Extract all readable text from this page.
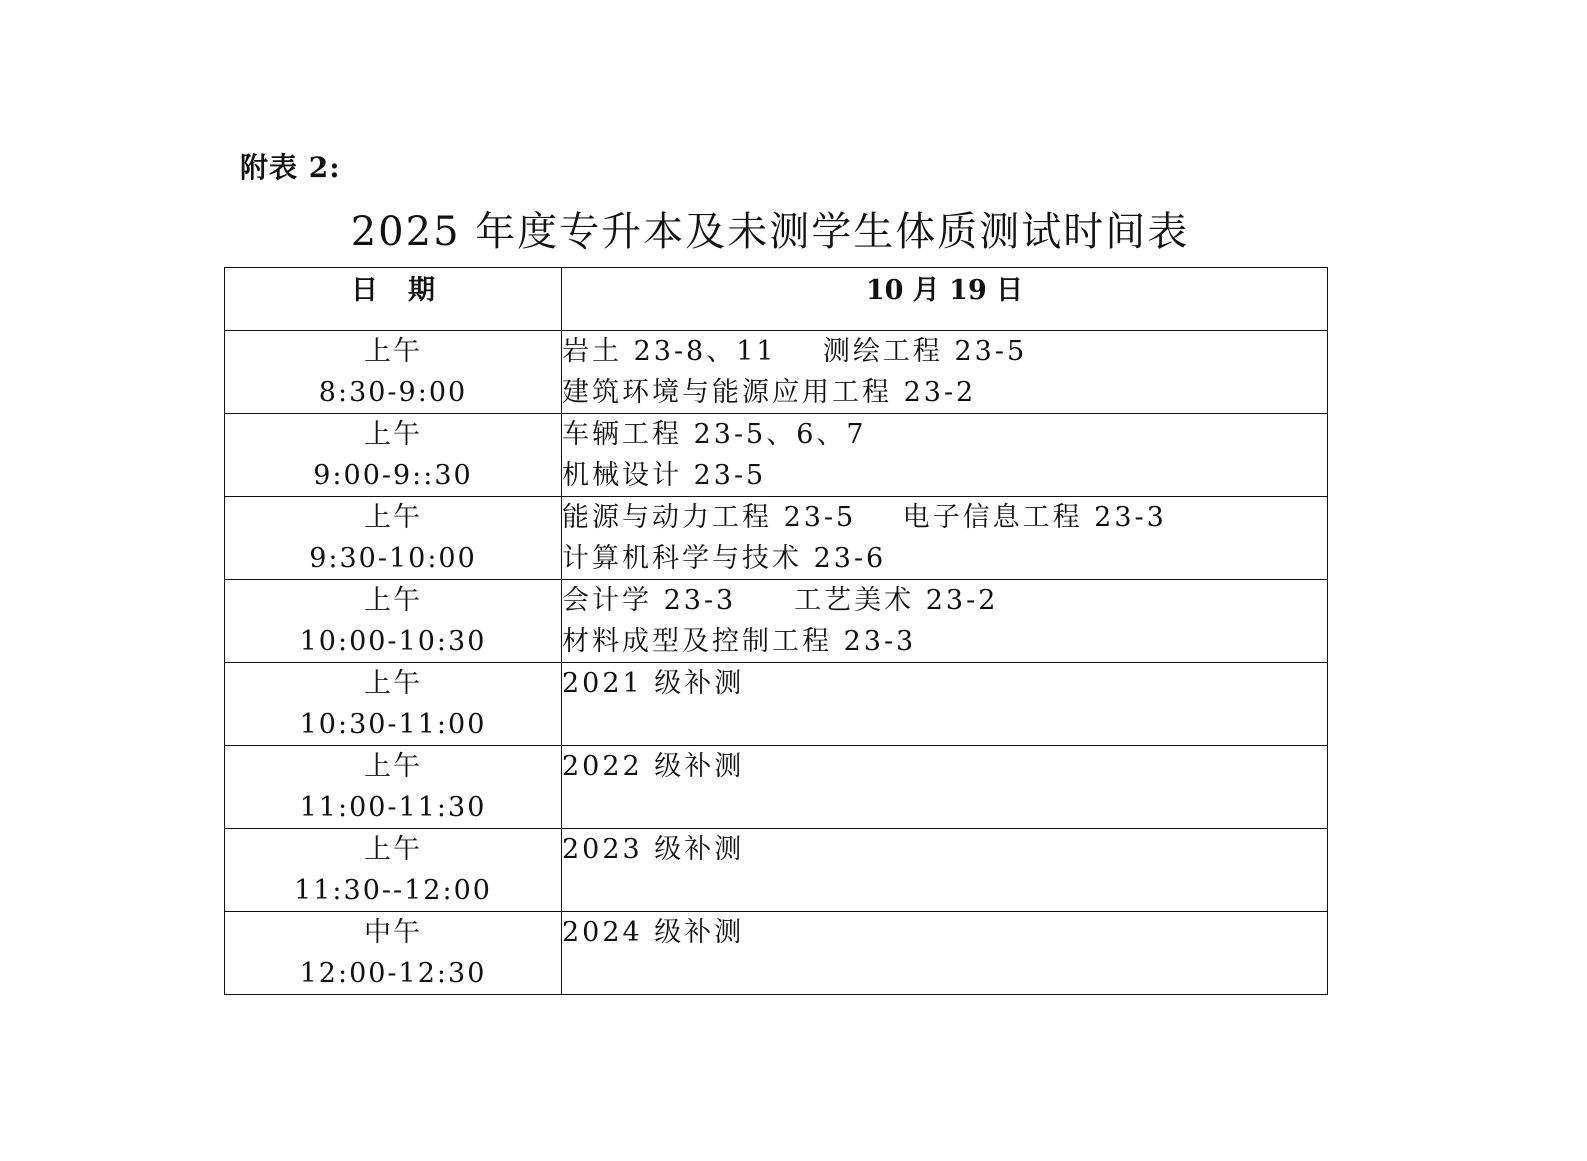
附表 2:
2025 年度专升本及未测学生体质测试时间表
日期	10 月 19 日

上午
8:30-9:00	岩土 23-8、11    测绘工程 23-5
建筑环境与能源应用工程 23-2

上午
9:00-9::30	车辆工程 23-5、6、7
机械设计 23-5

上午
9:30-10:00	能源与动力工程 23-5    电子信息工程 23-3
计算机科学与技术 23-6

上午
10:00-10:30	会计学 23-3     工艺美术 23-2
材料成型及控制工程 23-3

上午
10:30-11:00	2021 级补测

上午
11:00-11:30	2022 级补测

上午
11:30--12:00	2023 级补测

中午
12:00-12:30	2024 级补测
